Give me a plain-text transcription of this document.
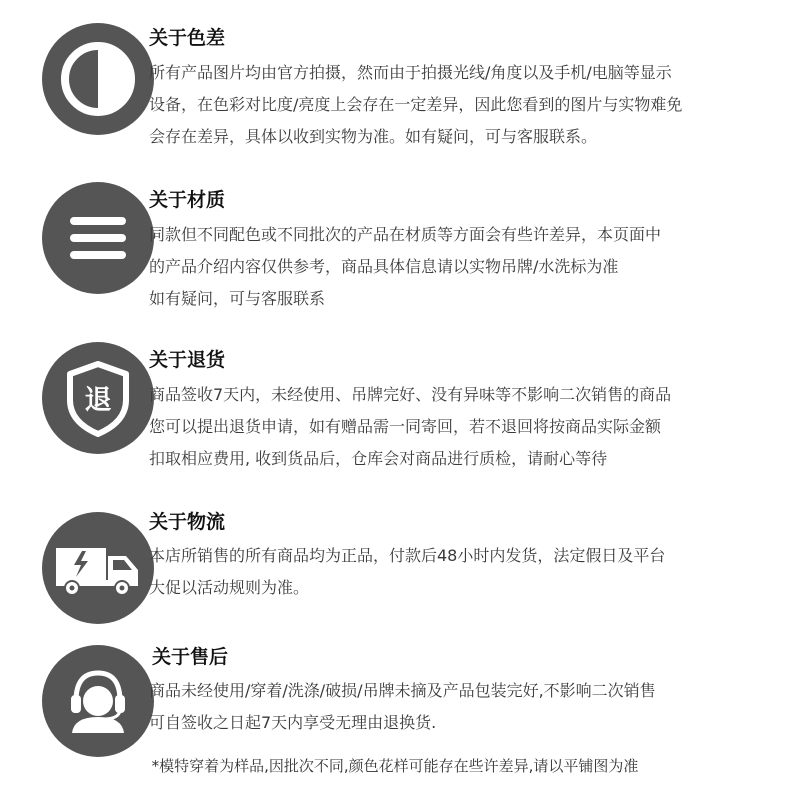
关于色差
所有产品图片均由官方拍摄，然而由于拍摄光线/角度以及手机/电脑等显示
设备，在色彩对比度/亮度上会存在一定差异，因此您看到的图片与实物难免
会存在差异，具体以收到实物为准。如有疑问，可与客服联系。
关于材质
同款但不同配色或不同批次的产品在材质等方面会有些许差异，本页面中
的产品介绍内容仅供参考，商品具体信息请以实物吊牌/水洗标为准
如有疑问，可与客服联系
退
关于退货
商品签收7天内，未经使用、吊牌完好、没有异味等不影响二次销售的商品
您可以提出退货申请，如有赠品需一同寄回，若不退回将按商品实际金额
扣取相应费用, 收到货品后，仓库会对商品进行质检，请耐心等待
关于物流
本店所销售的所有商品均为正品，付款后48小时内发货，法定假日及平台
大促以活动规则为准。
关于售后
商品未经使用/穿着/洗涤/破损/吊牌未摘及产品包装完好,不影响二次销售
可自签收之日起7天内享受无理由退换货.
*模特穿着为样品,因批次不同,颜色花样可能存在些许差异,请以平铺图为准
